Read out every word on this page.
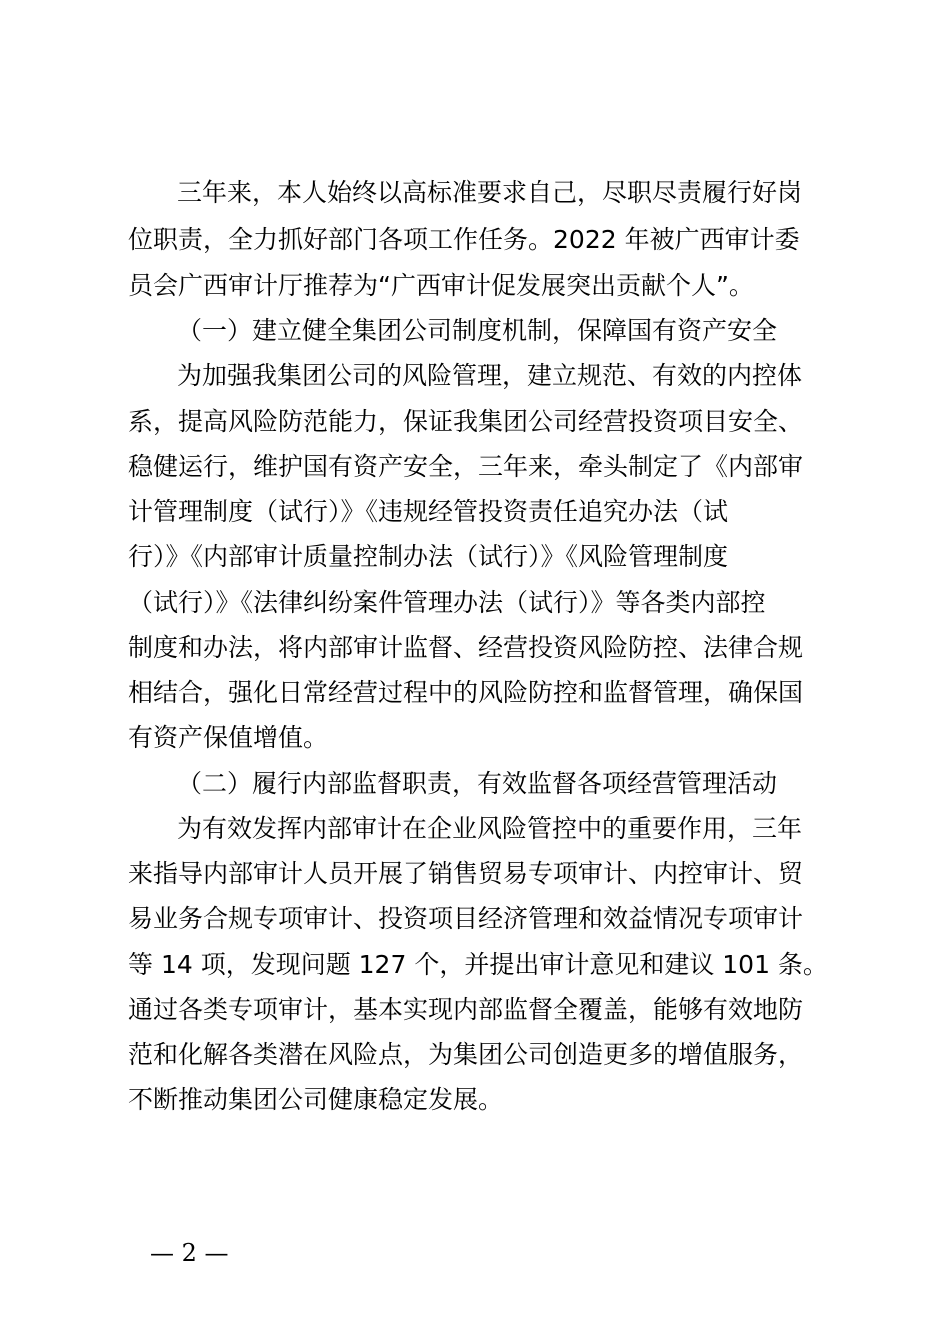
三年来，本人始终以高标准要求自己，尽职尽责履行好岗
位职责，全力抓好部门各项工作任务。2022 年被广西审计委
员会广西审计厅推荐为“广西审计促发展突出贡献个人”。
（一）建立健全集团公司制度机制，保障国有资产安全
为加强我集团公司的风险管理，建立规范、有效的内控体
系，提高风险防范能力，保证我集团公司经营投资项目安全、
稳健运行，维护国有资产安全，三年来，牵头制定了《内部审
计管理制度（试行）》《违规经管投资责任追究办法（试
行）》《内部审计质量控制办法（试行）》《风险管理制度
（试行）》《法律纠纷案件管理办法（试行）》等各类内部控
制度和办法，将内部审计监督、经营投资风险防控、法律合规
相结合，强化日常经营过程中的风险防控和监督管理，确保国
有资产保值增值。
（二）履行内部监督职责，有效监督各项经营管理活动
为有效发挥内部审计在企业风险管控中的重要作用，三年
来指导内部审计人员开展了销售贸易专项审计、内控审计、贸
易业务合规专项审计、投资项目经济管理和效益情况专项审计
等 14 项，发现问题 127 个，并提出审计意见和建议 101 条。
通过各类专项审计，基本实现内部监督全覆盖，能够有效地防
范和化解各类潜在风险点，为集团公司创造更多的增值服务，
不断推动集团公司健康稳定发展。
— 2 —
